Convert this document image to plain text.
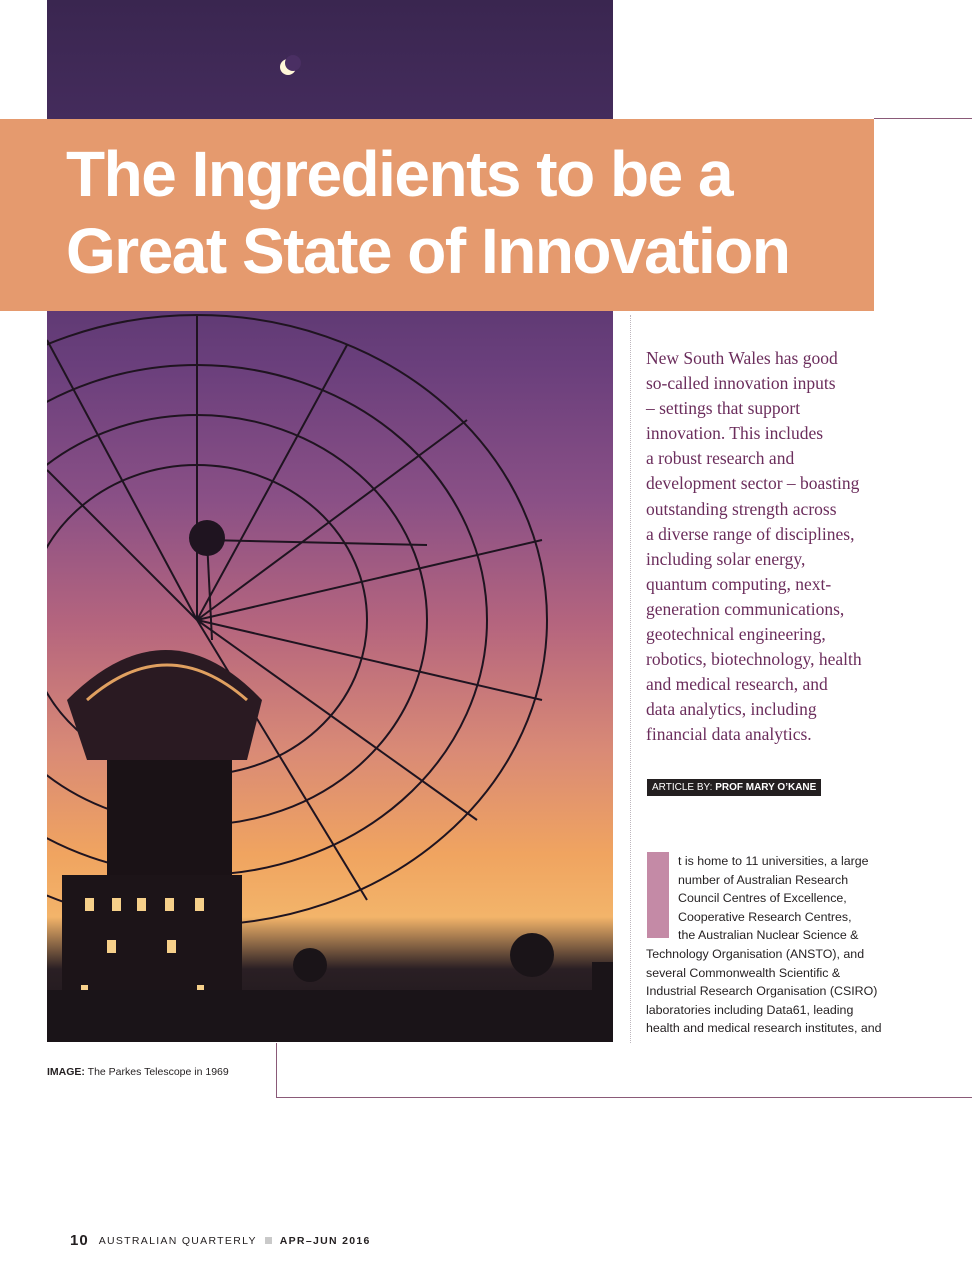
The Ingredients to be a
Great State of Innovation

New South Wales has good
so-called innovation inputs
– settings that support
innovation. This includes
a robust research and
development sector – boasting
outstanding strength across
a diverse range of disciplines,
including solar energy,
quantum computing, next-
generation communications,
geotechnical engineering,
robotics, biotechnology, health
and medical research, and
data analytics, including
financial data analytics.

ARTICLE BY: PROF MARY O’KANE

t is home to 11 universities, a large
number of Australian Research
Council Centres of Excellence,
Cooperative Research Centres,
the Australian Nuclear Science &
Technology Organisation (ANSTO), and
several Commonwealth Scientific &
Industrial Research Organisation (CSIRO)
laboratories including Data61, leading
health and medical research institutes, and

IMAGE: The Parkes Telescope in 1969
10 AUSTRALIAN QUARTERLY APR–JUN 2016
